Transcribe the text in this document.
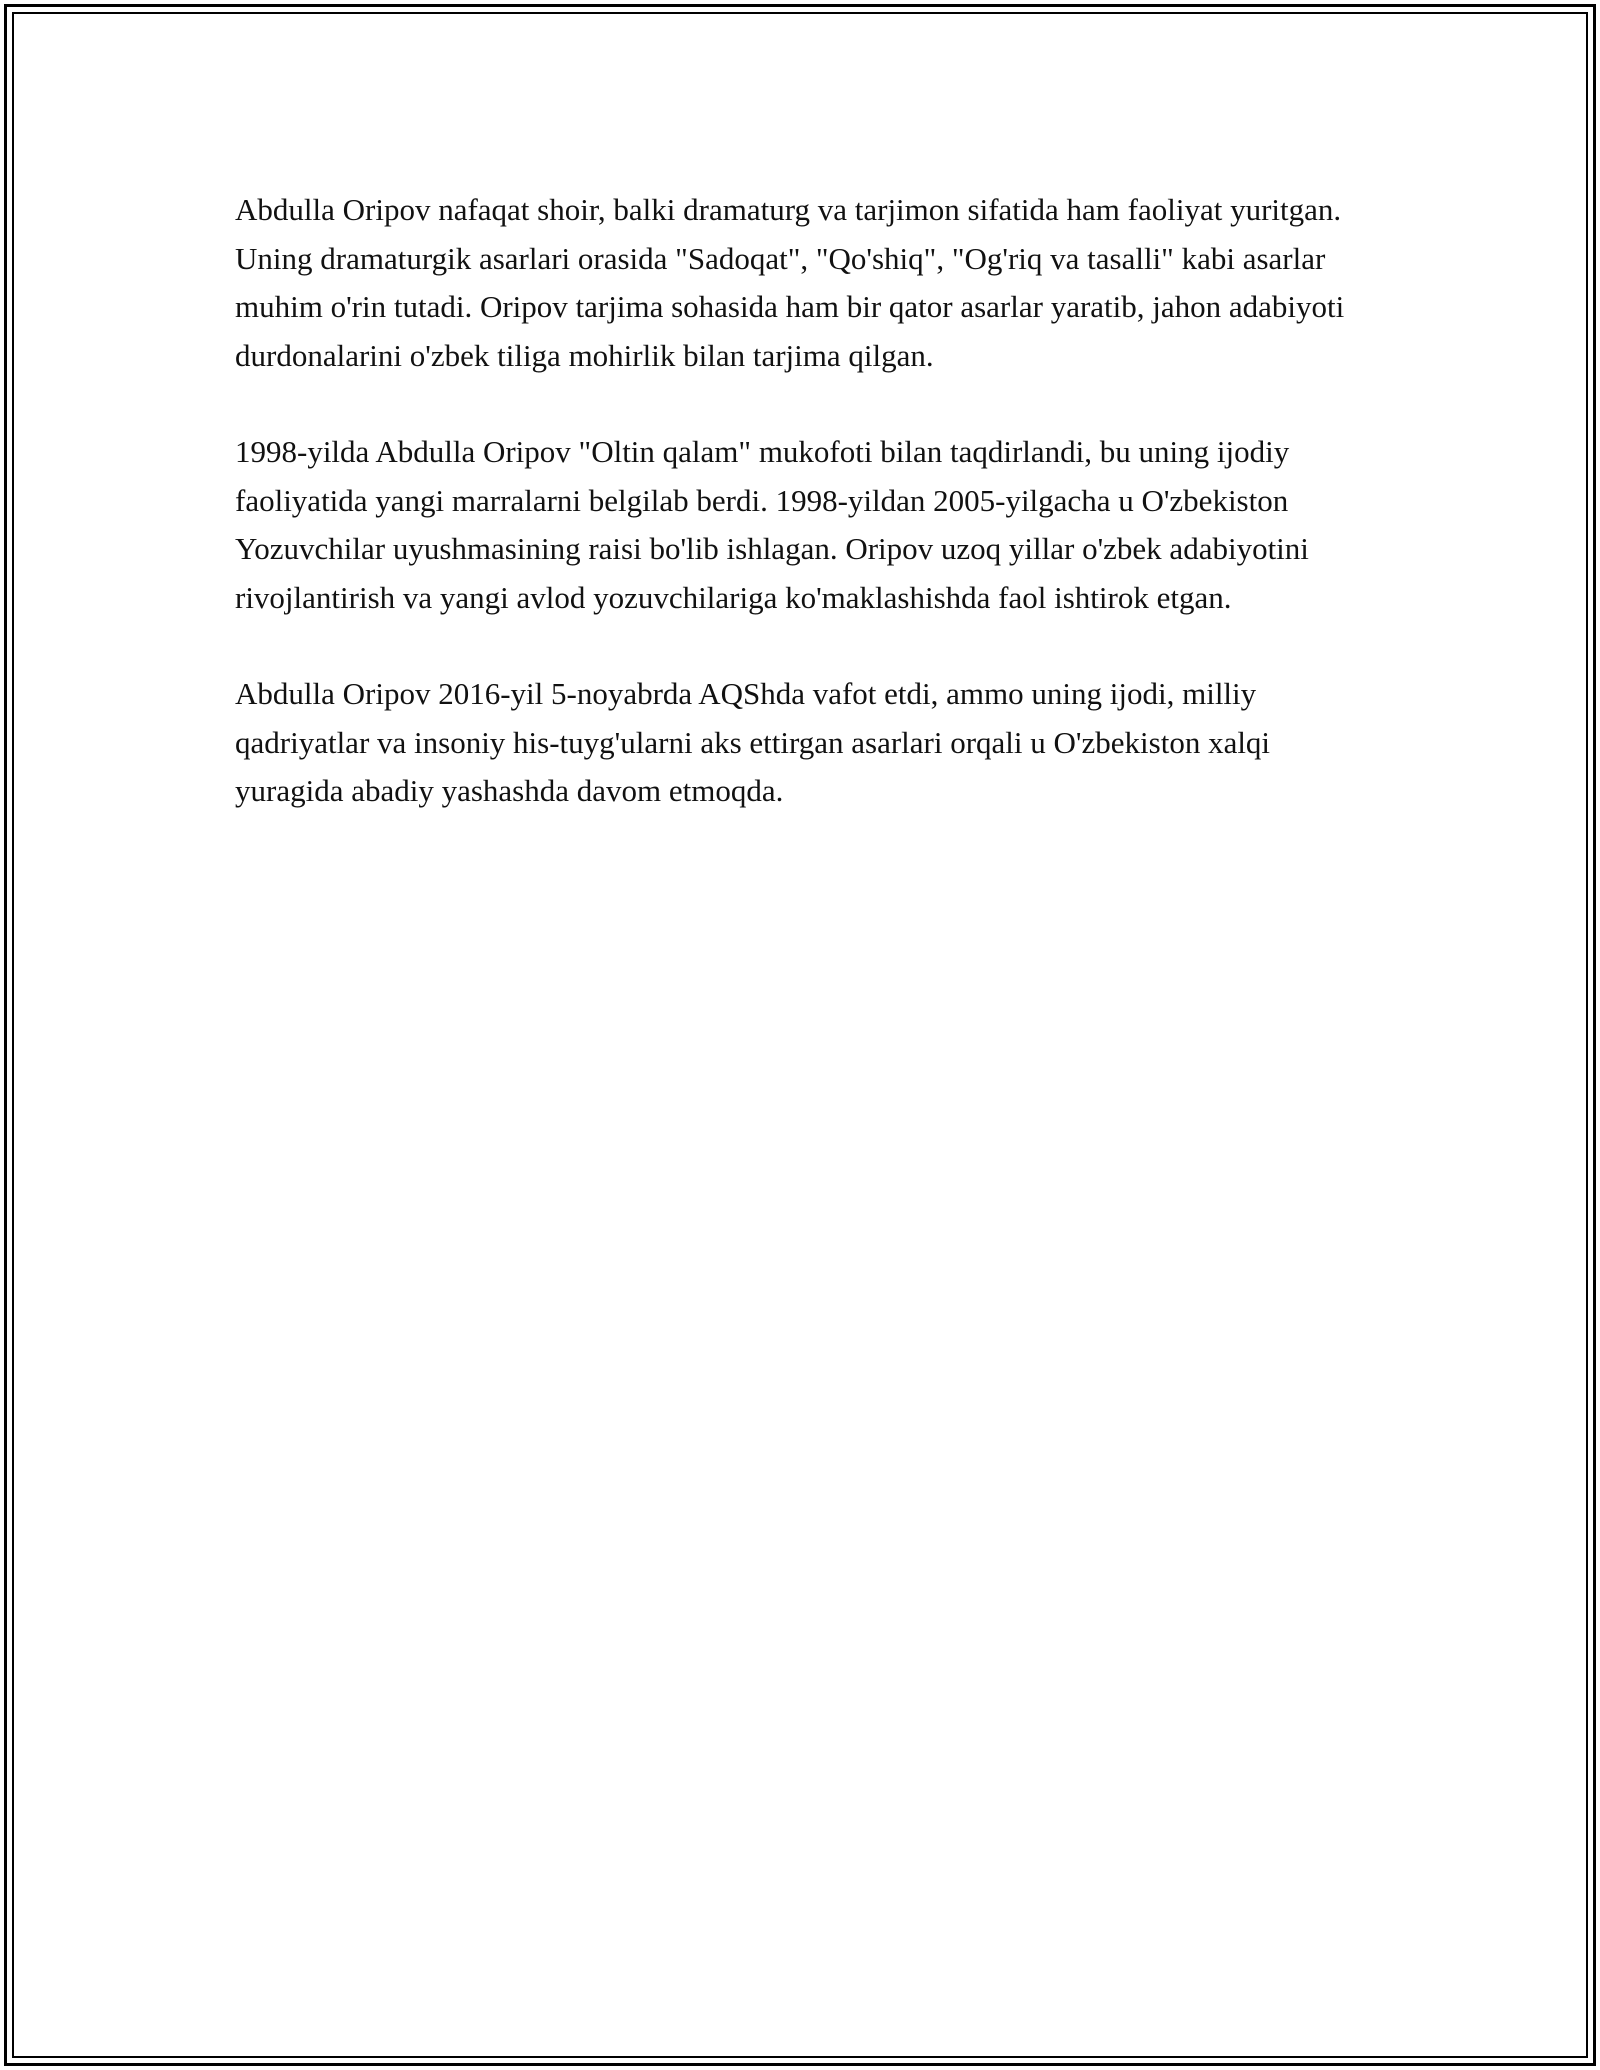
Abdulla Oripov nafaqat shoir, balki dramaturg va tarjimon sifatida ham faoliyat yuritgan. Uning dramaturgik asarlari orasida "Sadoqat", "Qo'shiq", "Og'riq va tasalli" kabi asarlar muhim o'rin tutadi. Oripov tarjima sohasida ham bir qator asarlar yaratib, jahon adabiyoti durdonalarini o'zbek tiliga mohirlik bilan tarjima qilgan.

1998-yilda Abdulla Oripov "Oltin qalam" mukofoti bilan taqdirlandi, bu uning ijodiy faoliyatida yangi marralarni belgilab berdi. 1998-yildan 2005-yilgacha u O'zbekiston Yozuvchilar uyushmasining raisi bo'lib ishlagan. Oripov uzoq yillar o'zbek adabiyotini rivojlantirish va yangi avlod yozuvchilariga ko'maklashishda faol ishtirok etgan.

Abdulla Oripov 2016-yil 5-noyabrda AQShda vafot etdi, ammo uning ijodi, milliy qadriyatlar va insoniy his-tuyg'ularni aks ettirgan asarlari orqali u O'zbekiston xalqi yuragida abadiy yashashda davom etmoqda.
